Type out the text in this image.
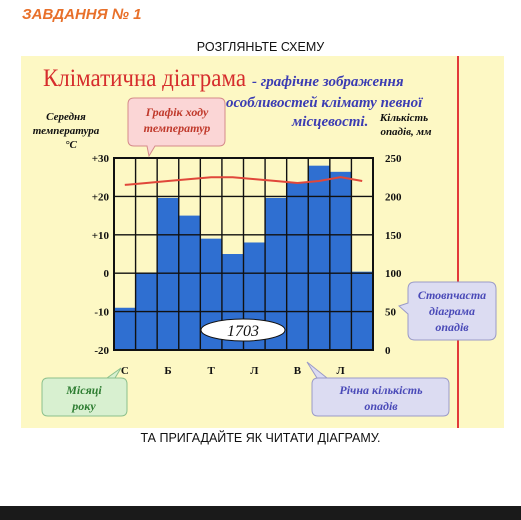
ЗАВДАННЯ № 1
РОЗГЛЯНЬТЕ СХЕМУ
Кліматична діаграма - графічне зображення
особливостей клімату певної
місцевості.
Середня
температура
°С
Кількість
опадів, мм
+30
+20
+10
0
-10
-20
250
200
150
100
50
0
С	Б	Т	Л	В	Л
1703
Графік ходу
температур
Стовпчаста
діаграма
опадів
Місяці
року
Річна кількість
опадів
ТА ПРИГАДАЙТЕ ЯК ЧИТАТИ ДІАГРАМУ.
